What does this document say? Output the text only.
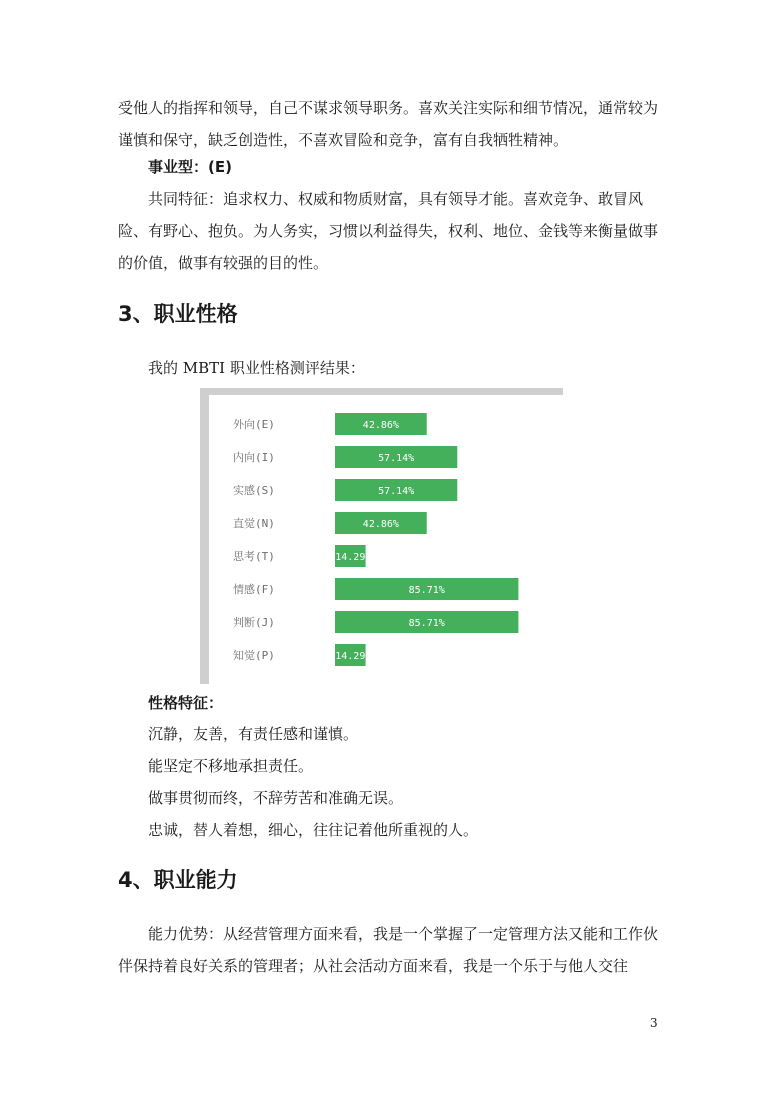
受他人的指挥和领导，自己不谋求领导职务。喜欢关注实际和细节情况，通常较为谨慎和保守，缺乏创造性，不喜欢冒险和竞争，富有自我牺牲精神。

事业型：(E)

共同特征：追求权力、权威和物质财富，具有领导才能。喜欢竞争、敢冒风险、有野心、抱负。为人务实，习惯以利益得失，权利、地位、金钱等来衡量做事的价值，做事有较强的目的性。

3、职业性格
我的 MBTI 职业性格测评结果：
外向(E)	42.86%
内向(I)	57.14%
实感(S)	57.14%
直觉(N)	42.86%
思考(T)	14.29
情感(F)	85.71%
判断(J)	85.71%
知觉(P)	14.29
性格特征：
沉静，友善，有责任感和谨慎。
能坚定不移地承担责任。
做事贯彻而终，不辞劳苦和准确无误。
忠诚，替人着想，细心，往往记着他所重视的人。
4、职业能力

能力优势：从经营管理方面来看，我是一个掌握了一定管理方法又能和工作伙伴保持着良好关系的管理者；从社会活动方面来看，我是一个乐于与他人交往

3
